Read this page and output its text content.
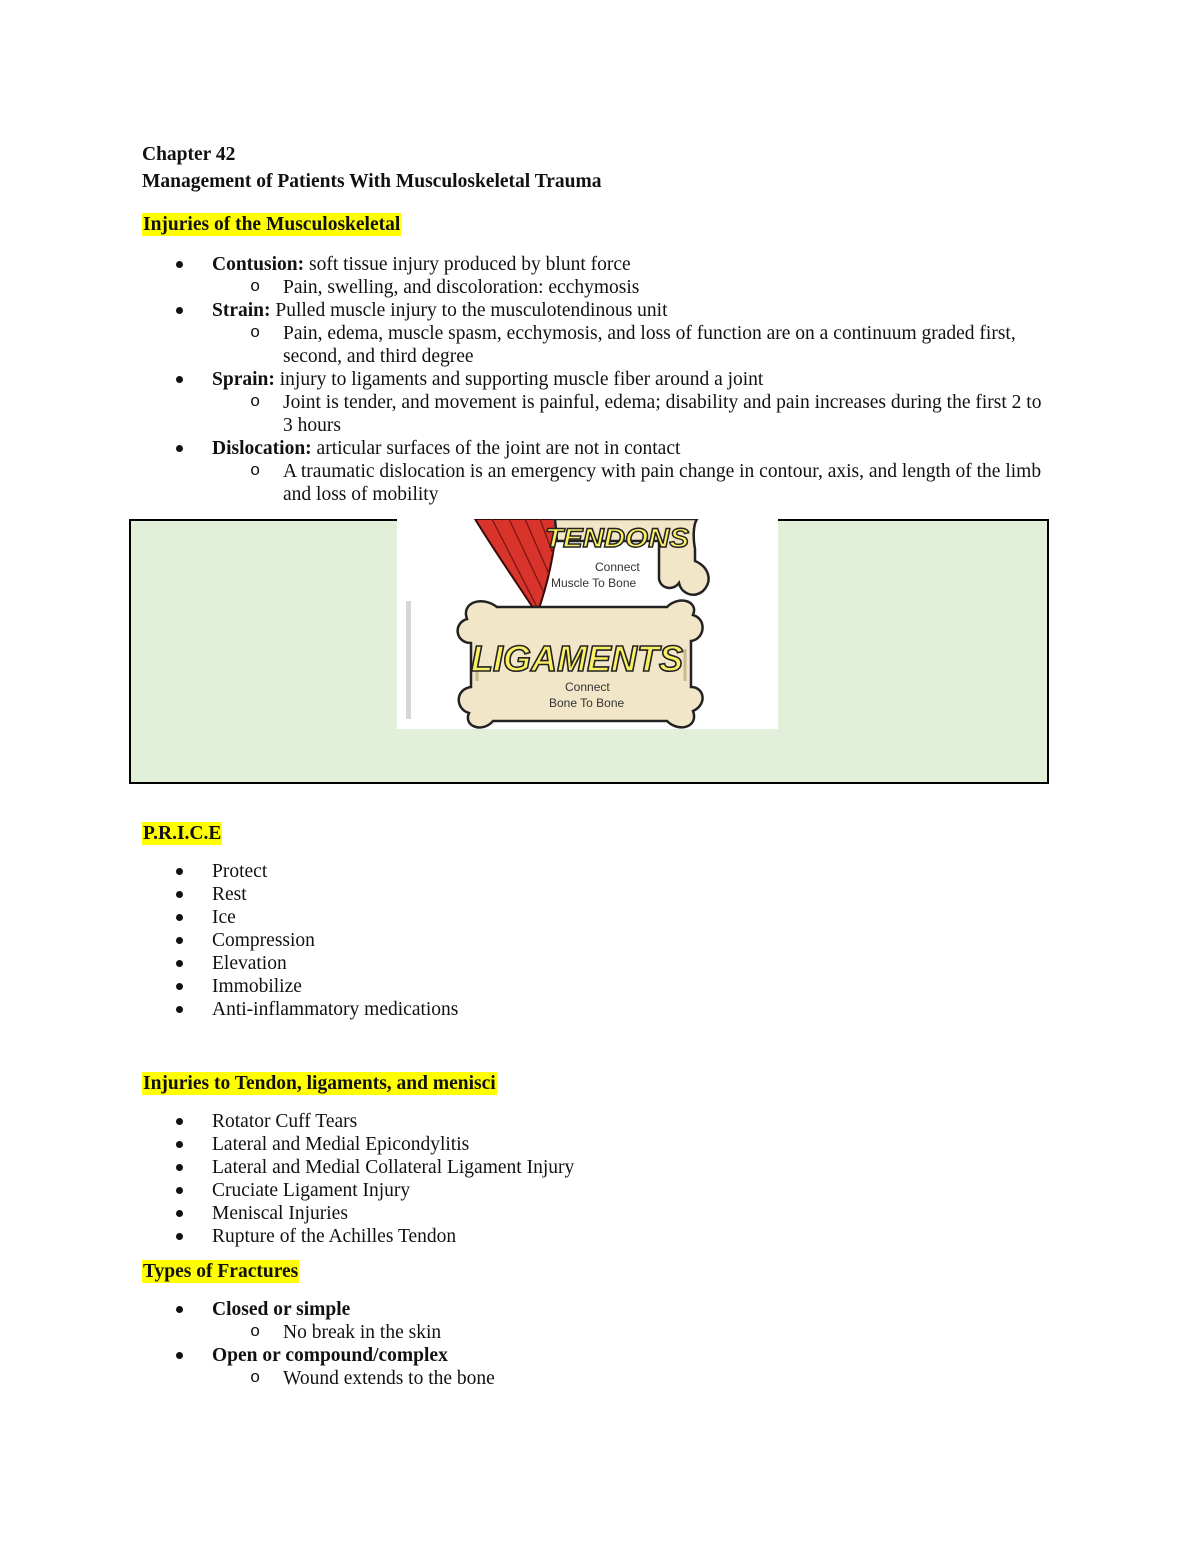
Chapter 42
Management of Patients With Musculoskeletal Trauma
Injuries of the Musculoskeletal
Contusion: soft tissue injury produced by blunt force
o Pain, swelling, and discoloration: ecchymosis
Strain: Pulled muscle injury to the musculotendinous unit
o Pain, edema, muscle spasm, ecchymosis, and loss of function are on a continuum graded first, second, and third degree
Sprain: injury to ligaments and supporting muscle fiber around a joint
o Joint is tender, and movement is painful, edema; disability and pain increases during the first 2 to 3 hours
Dislocation: articular surfaces of the joint are not in contact
o A traumatic dislocation is an emergency with pain change in contour, axis, and length of the limb and loss of mobility
TENDONS
Connect
Muscle To Bone
LIGAMENTS
Connect
Bone To Bone
P.R.I.C.E
Protect
Rest
Ice
Compression
Elevation
Immobilize
Anti-inflammatory medications
Injuries to Tendon, ligaments, and menisci
Rotator Cuff Tears
Lateral and Medial Epicondylitis
Lateral and Medial Collateral Ligament Injury
Cruciate Ligament Injury
Meniscal Injuries
Rupture of the Achilles Tendon
Types of Fractures
Closed or simple
o No break in the skin
Open or compound/complex
o Wound extends to the bone
